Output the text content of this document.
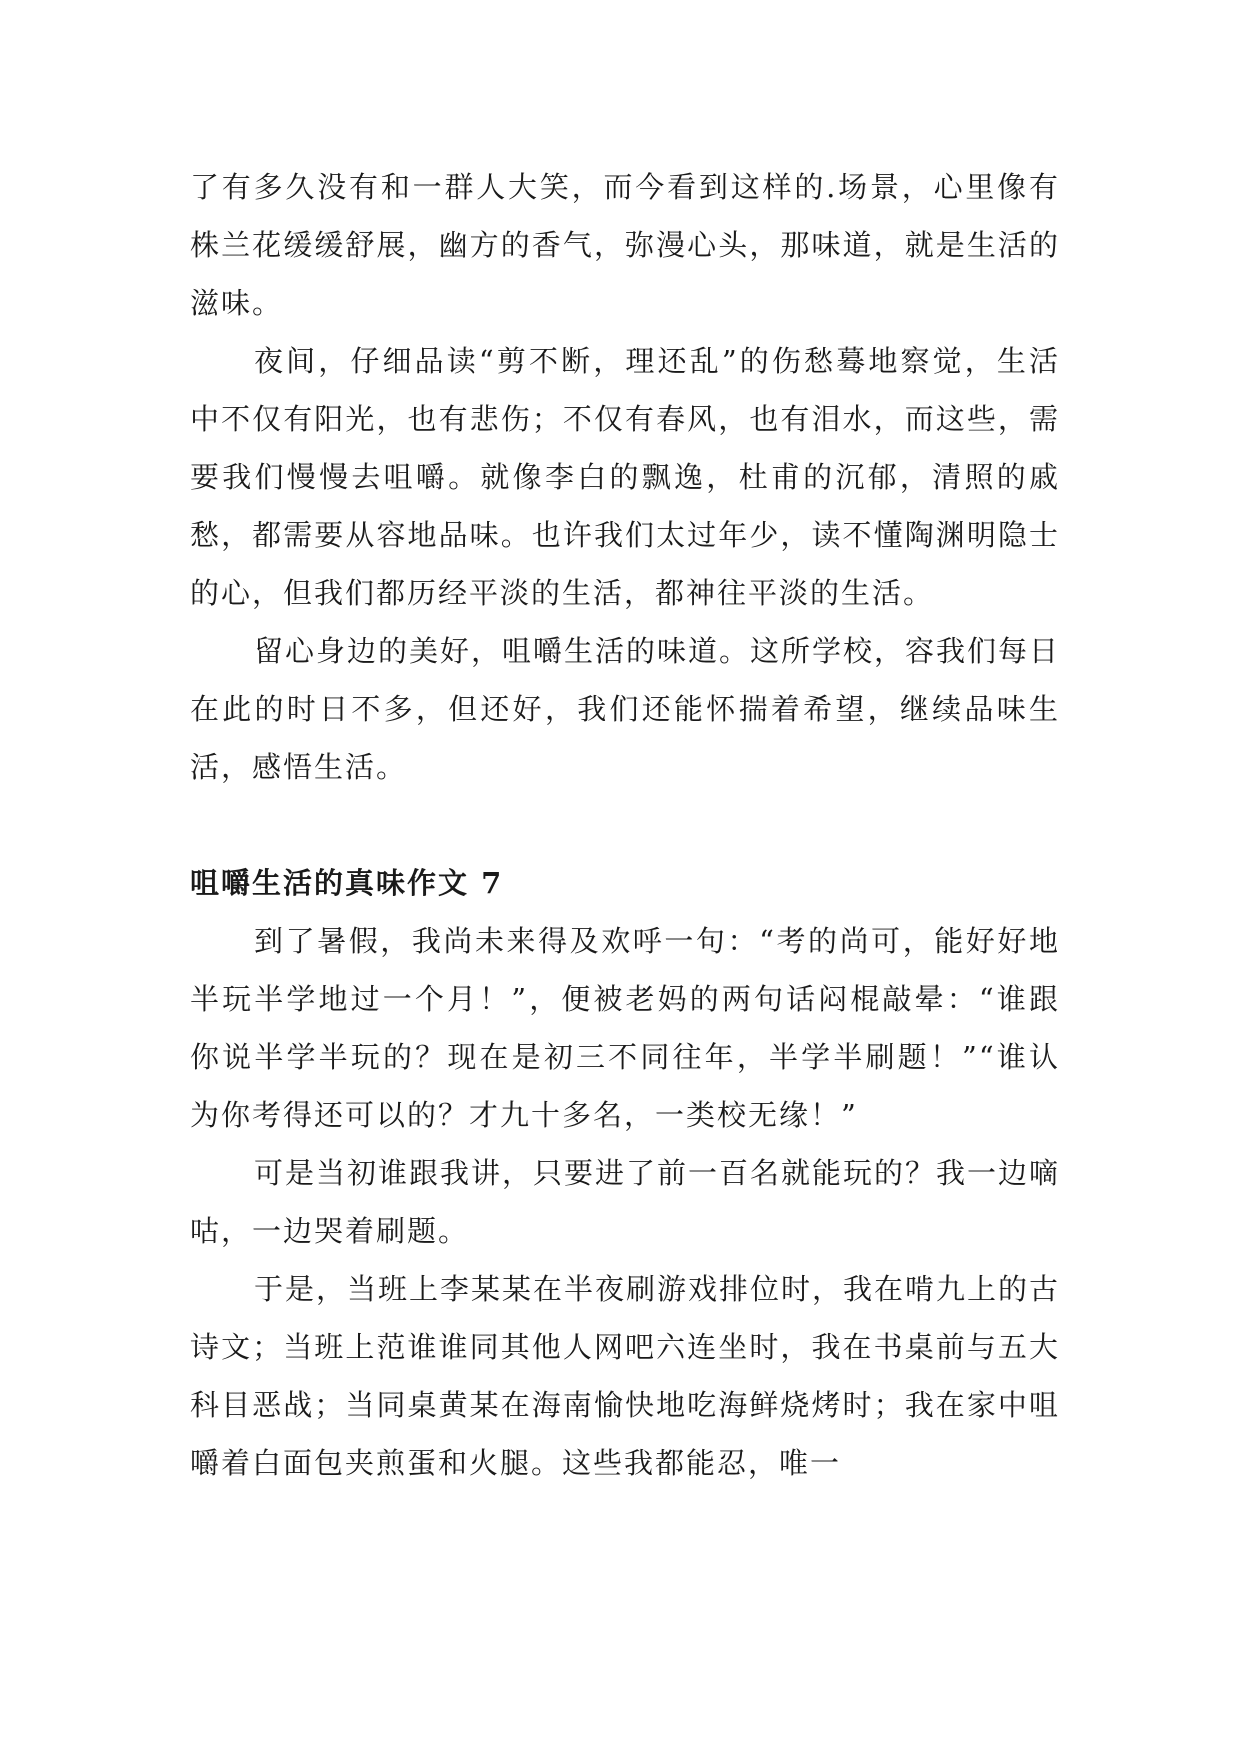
了有多久没有和一群人大笑，而今看到这样的.场景，心里像有株兰花缓缓舒展，幽方的香气，弥漫心头，那味道，就是生活的滋味。

夜间，仔细品读“剪不断，理还乱”的伤愁蓦地察觉，生活中不仅有阳光，也有悲伤；不仅有春风，也有泪水，而这些，需要我们慢慢去咀嚼。就像李白的飘逸，杜甫的沉郁，清照的戚愁，都需要从容地品味。也许我们太过年少，读不懂陶渊明隐士的心，但我们都历经平淡的生活，都神往平淡的生活。

留心身边的美好，咀嚼生活的味道。这所学校，容我们每日在此的时日不多，但还好，我们还能怀揣着希望，继续品味生活，感悟生活。

咀嚼生活的真味作文 7

到了暑假，我尚未来得及欢呼一句：“考的尚可，能好好地半玩半学地过一个月！”，便被老妈的两句话闷棍敲晕：“谁跟你说半学半玩的？现在是初三不同往年，半学半刷题！”“谁认为你考得还可以的？才九十多名，一类校无缘！”

可是当初谁跟我讲，只要进了前一百名就能玩的？我一边嘀咕，一边哭着刷题。

于是，当班上李某某在半夜刷游戏排位时，我在啃九上的古诗文；当班上范谁谁同其他人网吧六连坐时，我在书桌前与五大科目恶战；当同桌黄某在海南愉快地吃海鲜烧烤时；我在家中咀嚼着白面包夹煎蛋和火腿。这些我都能忍，唯一
